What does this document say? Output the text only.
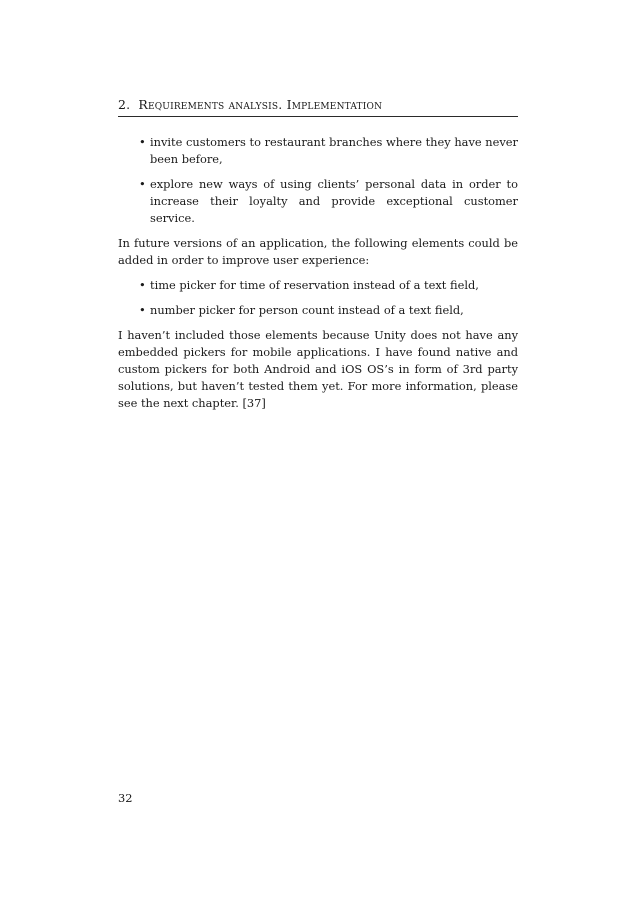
2. Requirements analysis. Implementation
• invite customers to restaurant branches where they have never been before,
• explore new ways of using clients’ personal data in order to increase their loyalty and provide exceptional customer service.

In future versions of an application, the following elements could be added in order to improve user experience:

• time picker for time of reservation instead of a text field,
• number picker for person count instead of a text field,

I haven’t included those elements because Unity does not have any embedded pickers for mobile applications. I have found native and custom pickers for both Android and iOS OS’s in form of 3rd party solutions, but haven’t tested them yet. For more information, please see the next chapter. [37]

32
